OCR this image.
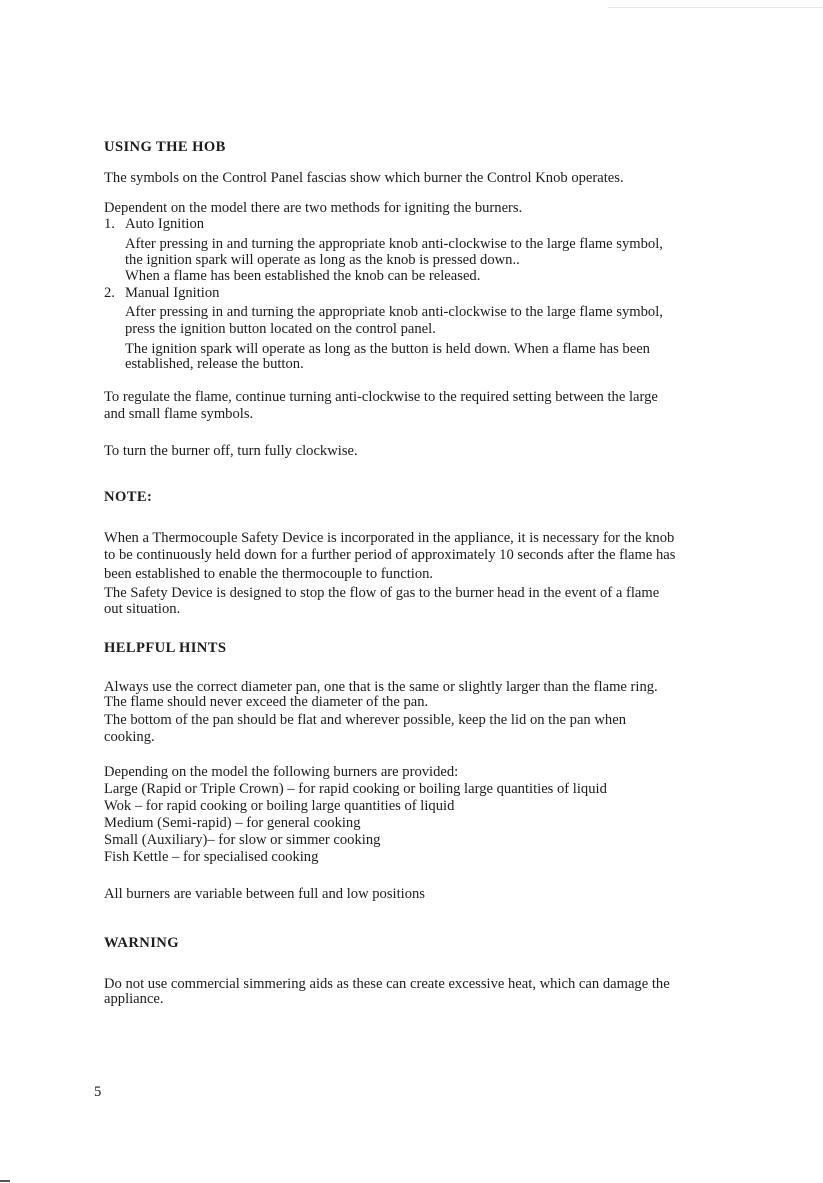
USING THE HOB
The symbols on the Control Panel fascias show which burner the Control Knob operates.
Dependent on the model there are two methods for igniting the burners.
1. Auto Ignition
After pressing in and turning the appropriate knob anti-clockwise to the large flame symbol,
the ignition spark will operate as long as the knob is pressed down..
When a flame has been established the knob can be released.
2. Manual Ignition
After pressing in and turning the appropriate knob anti-clockwise to the large flame symbol,
press the ignition button located on the control panel.
The ignition spark will operate as long as the button is held down. When a flame has been
established, release the button.
To regulate the flame, continue turning anti-clockwise to the required setting between the large
and small flame symbols.
To turn the burner off, turn fully clockwise.
NOTE:
When a Thermocouple Safety Device is incorporated in the appliance, it is necessary for the knob
to be continuously held down for a further period of approximately 10 seconds after the flame has
been established to enable the thermocouple to function.
The Safety Device is designed to stop the flow of gas to the burner head in the event of a flame
out situation.
HELPFUL HINTS
Always use the correct diameter pan, one that is the same or slightly larger than the flame ring.
The flame should never exceed the diameter of the pan.
The bottom of the pan should be flat and wherever possible, keep the lid on the pan when
cooking.
Depending on the model the following burners are provided:
Large (Rapid or Triple Crown) – for rapid cooking or boiling large quantities of liquid
Wok – for rapid cooking or boiling large quantities of liquid
Medium (Semi-rapid) – for general cooking
Small (Auxiliary)– for slow or simmer cooking
Fish Kettle – for specialised cooking
All burners are variable between full and low positions
WARNING
Do not use commercial simmering aids as these can create excessive heat, which can damage the
appliance.
5
